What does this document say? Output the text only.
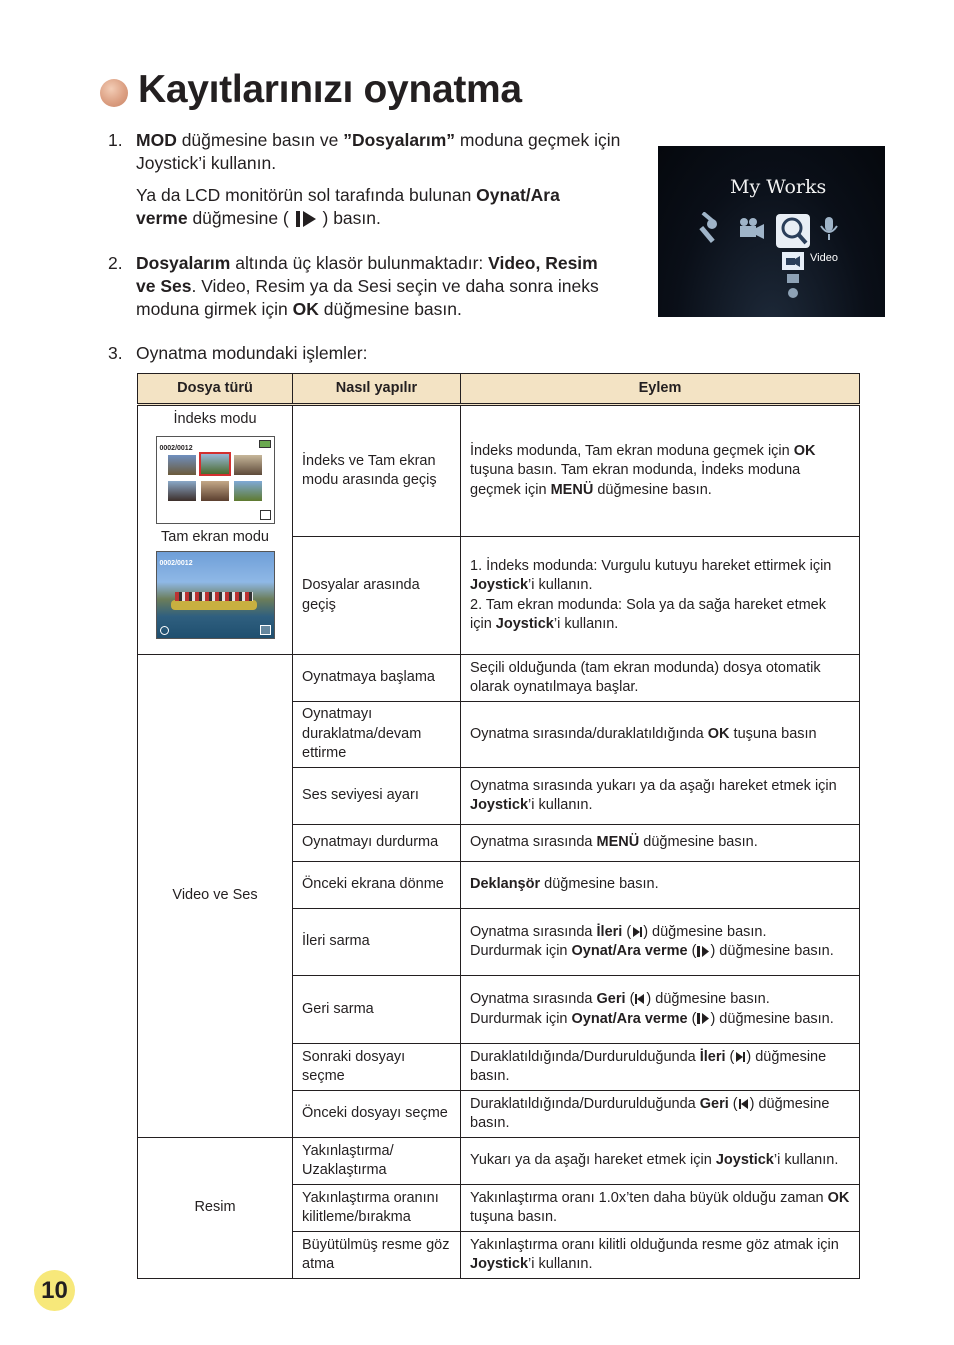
Kayıtlarınızı oynatma
1. MOD düğmesine basın ve ”Dosyalarım” moduna geçmek için Joystick’i kullanın.
Ya da LCD monitörün sol tarafında bulunan Oynat/Ara verme düğmesine ( ) basın.
2. Dosyalarım altında üç klasör bulunmaktadır: Video, Resim ve Ses. Video, Resim ya da Sesi seçin ve daha sonra ineks moduna girmek için OK düğmesine basın.
3. Oynatma modundaki işlemler:
My Works
Video
Dosya türü	Nasıl yapılır	Eylem

İndeks modu
0002/0012
Tam ekran modu
0002/0012	İndeks ve Tam ekran modu arasında geçiş	İndeks modunda, Tam ekran moduna geçmek için OK tuşuna basın. Tam ekran modunda, İndeks moduna geçmek için MENÜ düğmesine basın.
	Dosyalar arasında geçiş	1. İndeks modunda: Vurgulu kutuyu hareket ettirmek için Joystick’i kullanın.
2. Tam ekran modunda: Sola ya da sağa hareket etmek için Joystick’i kullanın.
Video ve Ses	Oynatmaya başlama	Seçili olduğunda (tam ekran modunda) dosya otomatik olarak oynatılmaya başlar.
	Oynatmayı duraklatma/devam ettirme	Oynatma sırasında/duraklatıldığında OK tuşuna basın
	Ses seviyesi ayarı	Oynatma sırasında yukarı ya da aşağı hareket etmek için Joystick’i kullanın.
	Oynatmayı durdurma	Oynatma sırasında MENÜ düğmesine basın.
	Önceki ekrana dönme	Deklanşör düğmesine basın.
	İleri sarma	Oynatma sırasında İleri ( ) düğmesine basın.
Durdurmak için Oynat/Ara verme ( ) düğmesine basın.
	Geri sarma	Oynatma sırasında Geri ( ) düğmesine basın.
Durdurmak için Oynat/Ara verme ( ) düğmesine basın.
	Sonraki dosyayı seçme	Duraklatıldığında/Durdurulduğunda İleri ( ) düğmesine basın.
	Önceki dosyayı seçme	Duraklatıldığında/Durdurulduğunda Geri ( ) düğmesine basın.
Resim	Yakınlaştırma/ Uzaklaştırma	Yukarı ya da aşağı hareket etmek için Joystick’i kullanın.
	Yakınlaştırma oranını kilitleme/bırakma	Yakınlaştırma oranı 1.0x’ten daha büyük olduğu zaman OK tuşuna basın.
	Büyütülmüş resme göz atma	Yakınlaştırma oranı kilitli olduğunda resme göz atmak için Joystick’i kullanın.
10
